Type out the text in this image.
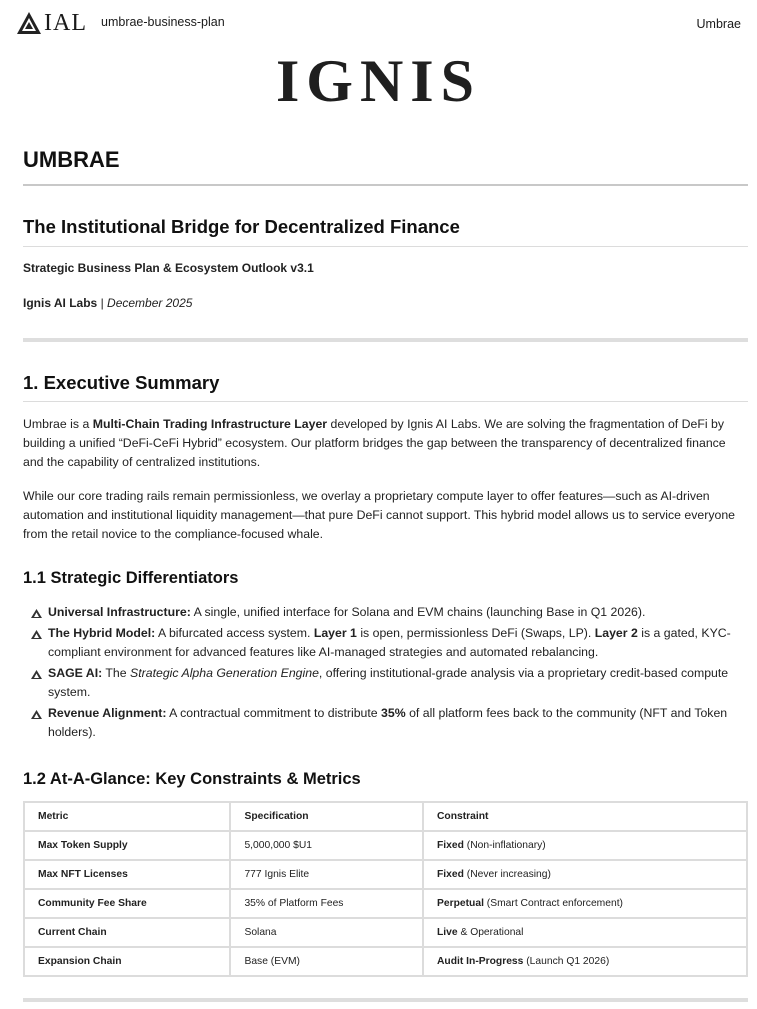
IAL umbrae-business-plan	Umbrae
IGNIS
UMBRAE
The Institutional Bridge for Decentralized Finance
Strategic Business Plan & Ecosystem Outlook v3.1
Ignis AI Labs | December 2025
1. Executive Summary

Umbrae is a Multi-Chain Trading Infrastructure Layer developed by Ignis AI Labs. We are solving the fragmentation of DeFi by building a unified “DeFi-CeFi Hybrid” ecosystem. Our platform bridges the gap between the transparency of decentralized finance and the capability of centralized institutions.

While our core trading rails remain permissionless, we overlay a proprietary compute layer to offer features—such as AI-driven automation and institutional liquidity management—that pure DeFi cannot support. This hybrid model allows us to service everyone from the retail novice to the compliance-focused whale.

1.1 Strategic Differentiators
Universal Infrastructure: A single, unified interface for Solana and EVM chains (launching Base in Q1 2026).
The Hybrid Model: A bifurcated access system. Layer 1 is open, permissionless DeFi (Swaps, LP). Layer 2 is a gated, KYC-compliant environment for advanced features like AI-managed strategies and automated rebalancing.
SAGE AI: The Strategic Alpha Generation Engine, offering institutional-grade analysis via a proprietary credit-based compute system.
Revenue Alignment: A contractual commitment to distribute 35% of all platform fees back to the community (NFT and Token holders).
1.2 At-A-Glance: Key Constraints & Metrics
Metric	Specification	Constraint
Max Token Supply	5,000,000 $U1	Fixed (Non-inflationary)
Max NFT Licenses	777 Ignis Elite	Fixed (Never increasing)
Community Fee Share	35% of Platform Fees	Perpetual (Smart Contract enforcement)
Current Chain	Solana	Live & Operational
Expansion Chain	Base (EVM)	Audit In-Progress (Launch Q1 2026)
